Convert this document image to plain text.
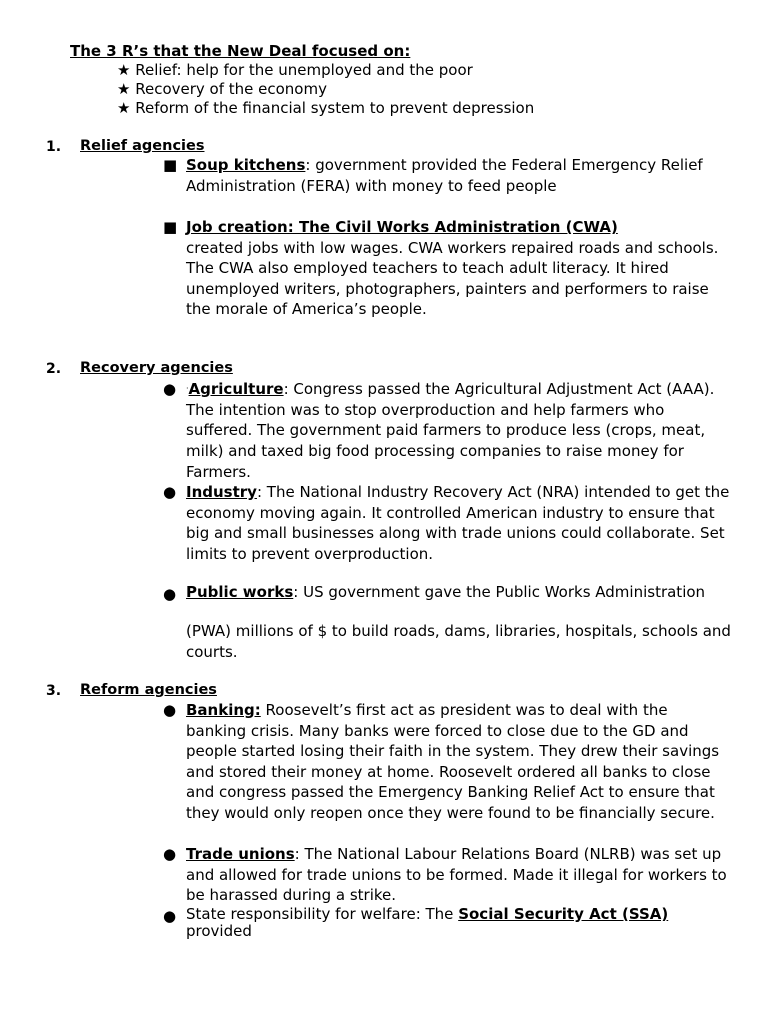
The 3 R’s that the New Deal focused on:
★ Relief: help for the unemployed and the poor
★ Recovery of the economy
★ Reform of the financial system to prevent depression
1. Relief agencies
■ Soup kitchens: government provided the Federal Emergency Relief Administration (FERA) with money to feed people
■ Job creation: The Civil Works Administration (CWA)
created jobs with low wages. CWA workers repaired roads and schools. The CWA also employed teachers to teach adult literacy. It hired unemployed writers, photographers, painters and performers to raise the morale of America’s people.
2. Recovery agencies
● ·Agriculture: Congress passed the Agricultural Adjustment Act (AAA). The intention was to stop overproduction and help farmers who suffered. The government paid farmers to produce less (crops, meat, milk) and taxed big food processing companies to raise money for Farmers.
● Industry: The National Industry Recovery Act (NRA) intended to get the economy moving again. It controlled American industry to ensure that big and small businesses along with trade unions could collaborate. Set limits to prevent overproduction.
● Public works: US government gave the Public Works Administration
(PWA) millions of $ to build roads, dams, libraries, hospitals, schools and courts.
3. Reform agencies
● Banking: Roosevelt’s first act as president was to deal with the banking crisis. Many banks were forced to close due to the GD and people started losing their faith in the system. They drew their savings and stored their money at home. Roosevelt ordered all banks to close and congress passed the Emergency Banking Relief Act to ensure that they would only reopen once they were found to be financially secure.
● Trade unions: The National Labour Relations Board (NLRB) was set up and allowed for trade unions to be formed. Made it illegal for workers to be harassed during a strike.
● State responsibility for welfare: The Social Security Act (SSA) provided
